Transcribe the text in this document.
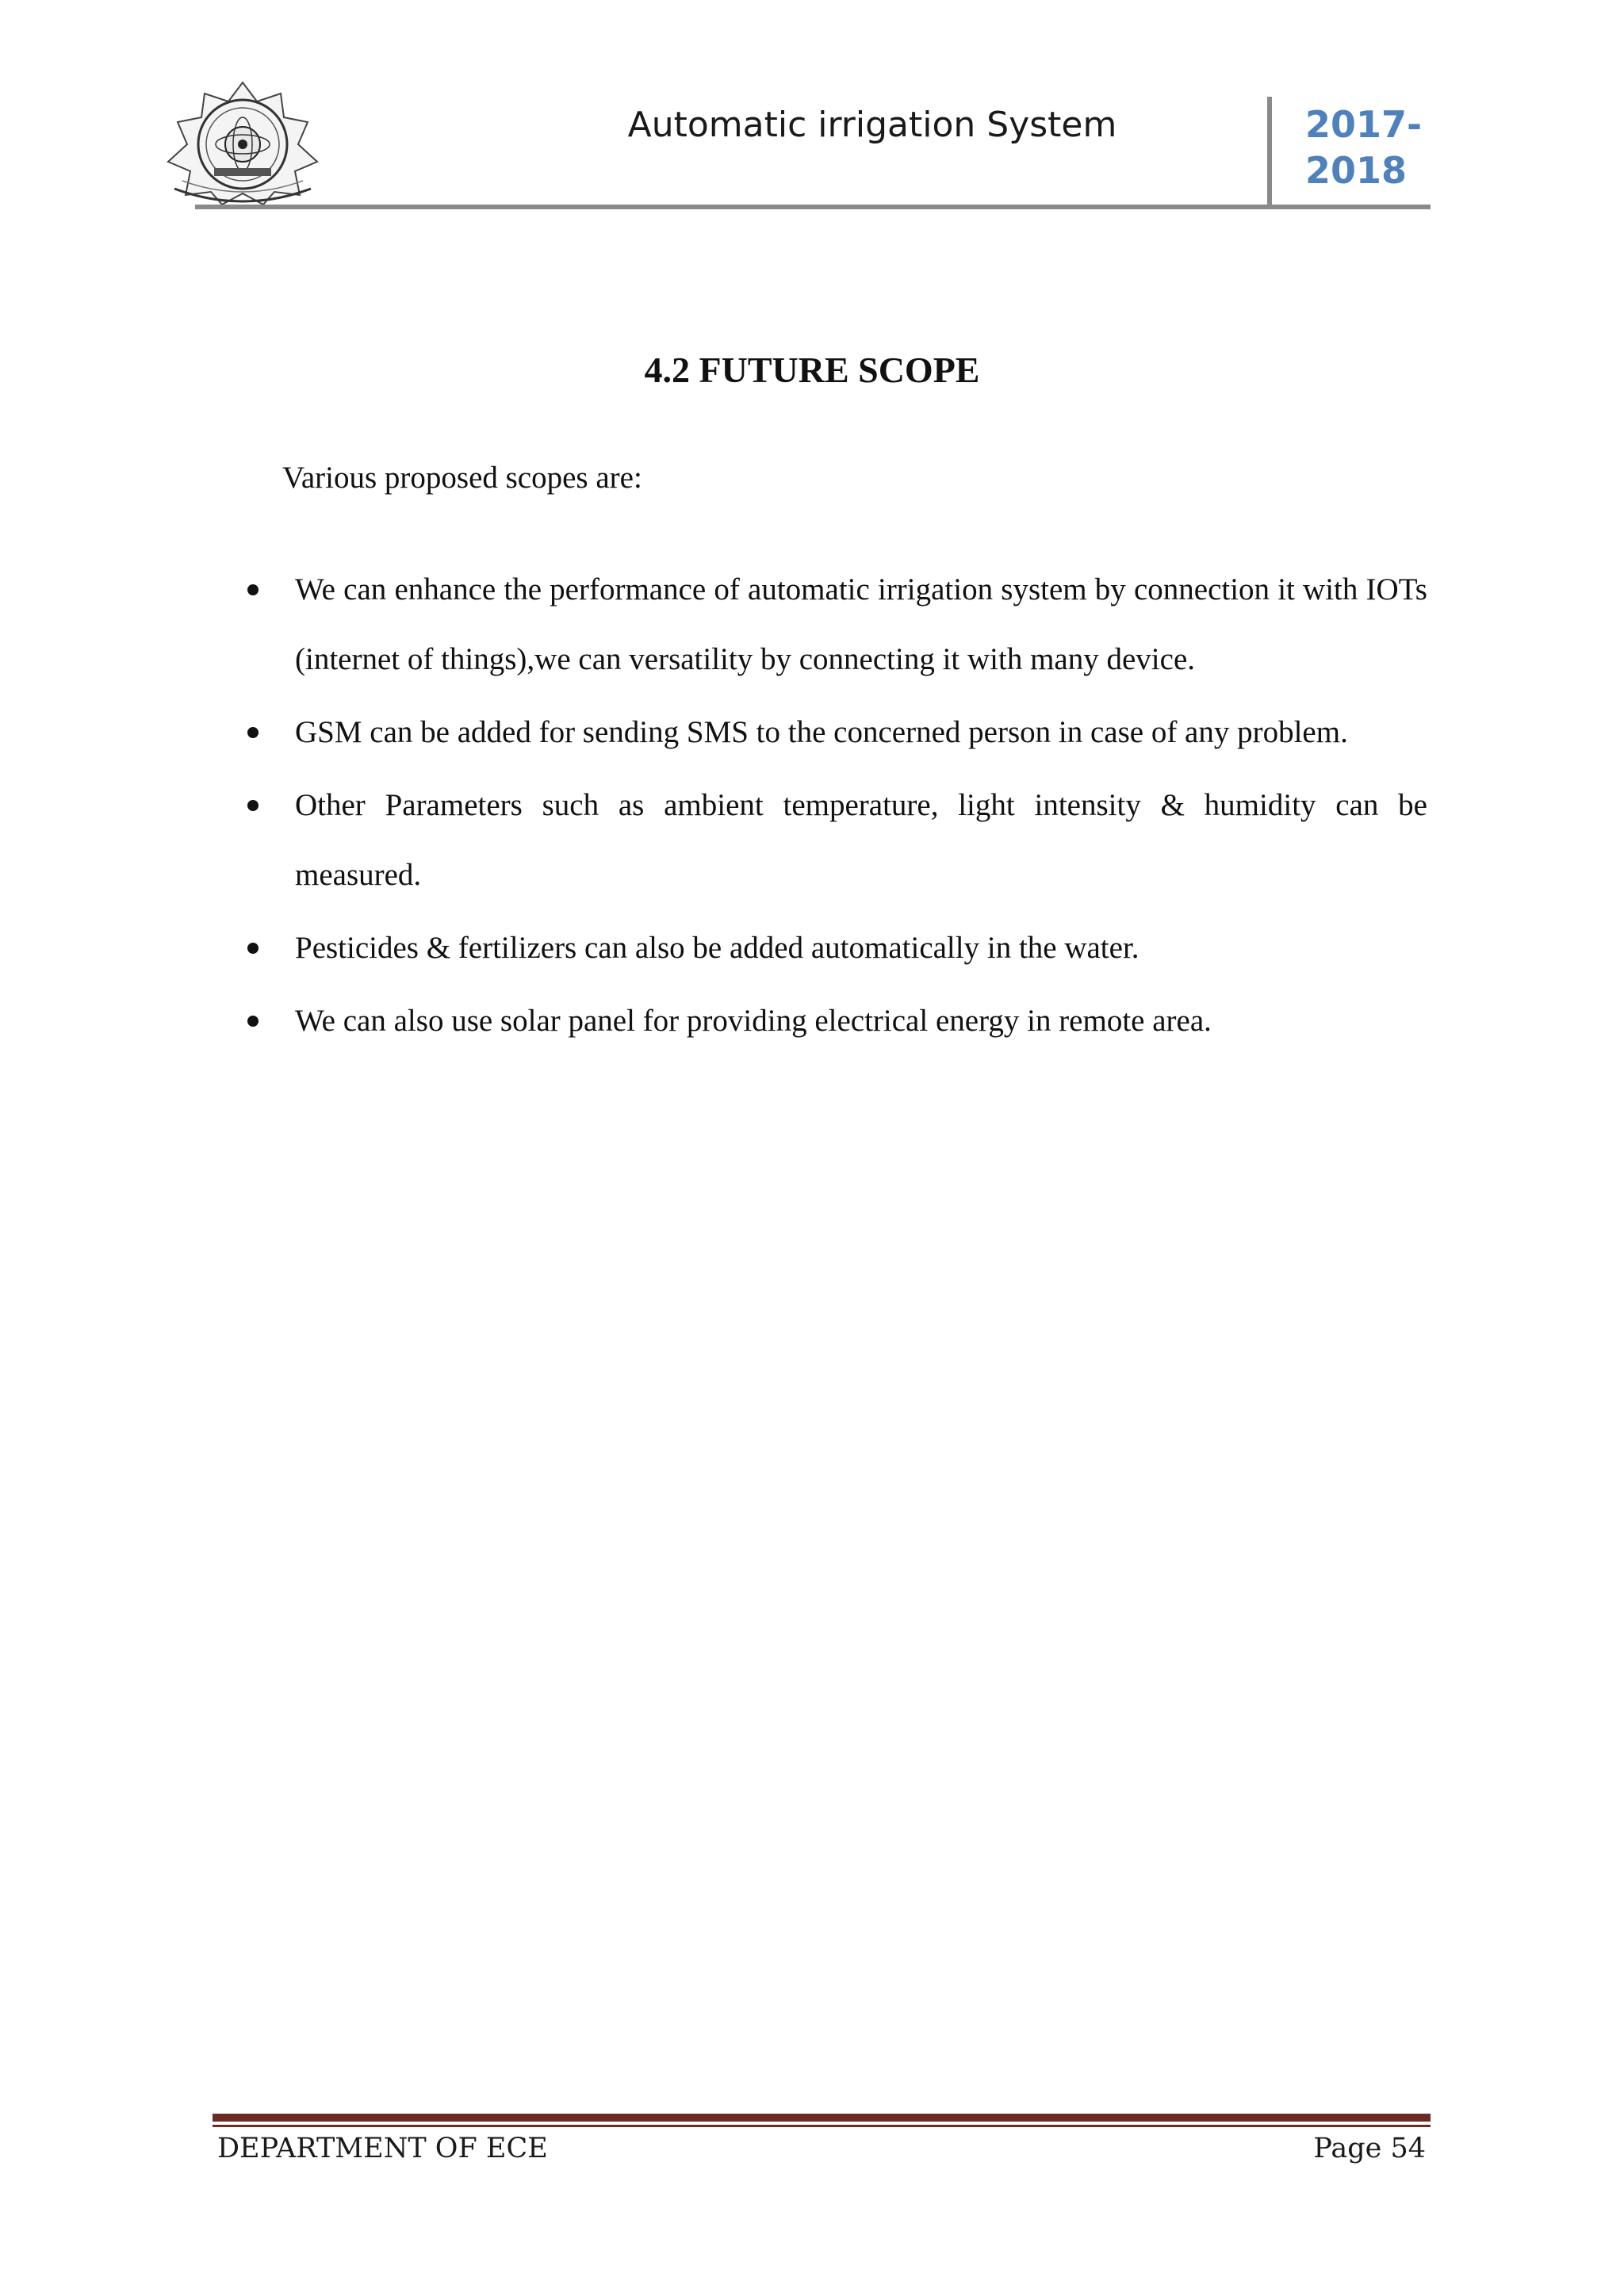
Automatic irrigation System	2017-
2018
4.2 FUTURE SCOPE
Various proposed scopes are:
We can enhance the performance of automatic irrigation system by connection it with IOTs (internet of things),we can versatility by connecting it with many device.
GSM can be added for sending SMS to the concerned person in case of any problem.
Other Parameters such as ambient temperature, light intensity & humidity can be measured.
Pesticides & fertilizers can also be added automatically in the water.
We can also use solar panel for providing electrical energy in remote area.
DEPARTMENT OF ECE	Page 54
